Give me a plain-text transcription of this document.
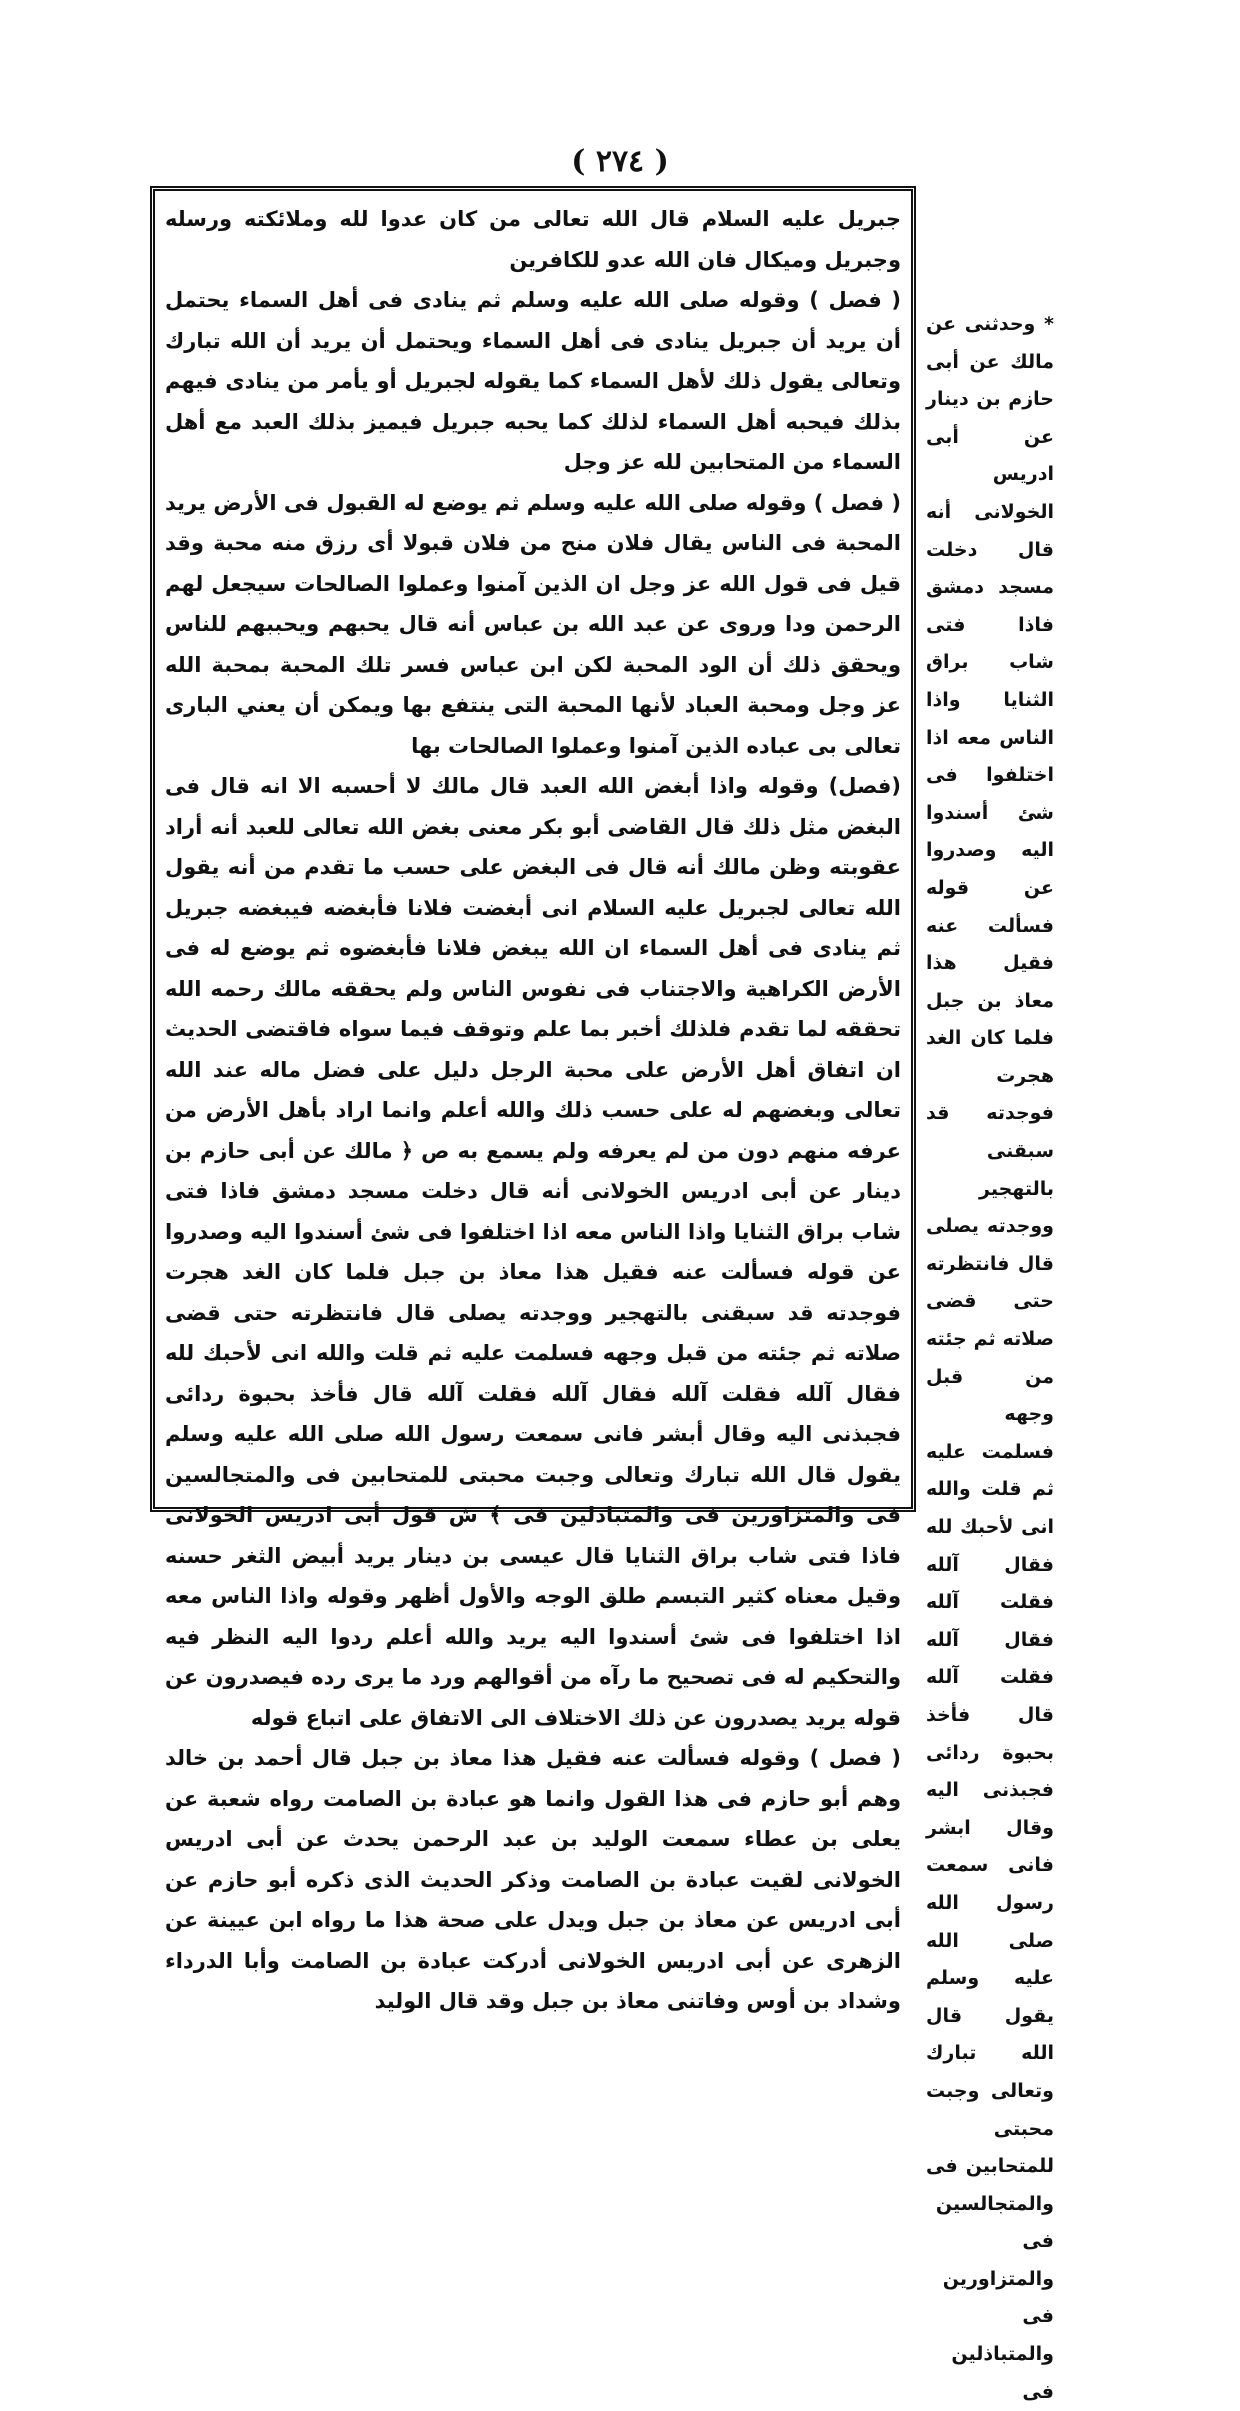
( ٢٧٤ )

جبريل عليه السلام قال الله تعالى من كان عدوا لله وملائكته ورسله وجبريل وميكال فان الله عدو للكافرين

( فصل ) وقوله صلى الله عليه وسلم ثم ينادى فى أهل السماء يحتمل أن يريد أن جبريل ينادى فى أهل السماء ويحتمل أن يريد أن الله تبارك وتعالى يقول ذلك لأهل السماء كما يقوله لجبريل أو يأمر من ينادى فيهم بذلك فيحبه أهل السماء لذلك كما يحبه جبريل فيميز بذلك العبد مع أهل السماء من المتحابين لله عز وجل

( فصل ) وقوله صلى الله عليه وسلم ثم يوضع له القبول فى الأرض يريد المحبة فى الناس يقال فلان منح من فلان قبولا أى رزق منه محبة وقد قيل فى قول الله عز وجل ان الذين آمنوا وعملوا الصالحات سيجعل لهم الرحمن ودا وروى عن عبد الله بن عباس أنه قال يحبهم ويحببهم للناس ويحقق ذلك أن الود المحبة لكن ابن عباس فسر تلك المحبة بمحبة الله عز وجل ومحبة العباد لأنها المحبة التى ينتفع بها ويمكن أن يعني البارى تعالى بى عباده الذين آمنوا وعملوا الصالحات بها

(فصل) وقوله واذا أبغض الله العبد قال مالك لا أحسبه الا انه قال فى البغض مثل ذلك قال القاضى أبو بكر معنى بغض الله تعالى للعبد أنه أراد عقوبته وظن مالك أنه قال فى البغض على حسب ما تقدم من أنه يقول الله تعالى لجبريل عليه السلام انى أبغضت فلانا فأبغضه فيبغضه جبريل ثم ينادى فى أهل السماء ان الله يبغض فلانا فأبغضوه ثم يوضع له فى الأرض الكراهية والاجتناب فى نفوس الناس ولم يحققه مالك رحمه الله تحققه لما تقدم فلذلك أخبر بما علم وتوقف فيما سواه فاقتضى الحديث ان اتفاق أهل الأرض على محبة الرجل دليل على فضل ماله عند الله تعالى وبغضهم له على حسب ذلك والله أعلم وانما اراد بأهل الأرض من عرفه منهم دون من لم يعرفه ولم يسمع به ص ﴿ مالك عن أبى حازم بن دينار عن أبى ادريس الخولانى أنه قال دخلت مسجد دمشق فاذا فتى شاب براق الثنايا واذا الناس معه اذا اختلفوا فى شئ أسندوا اليه وصدروا عن قوله فسألت عنه فقيل هذا معاذ بن جبل فلما كان الغد هجرت فوجدته قد سبقنى بالتهجير ووجدته يصلى قال فانتظرته حتى قضى صلاته ثم جئته من قبل وجهه فسلمت عليه ثم قلت والله انى لأحبك لله فقال آلله فقلت آلله فقال آلله فقلت آلله قال فأخذ بحبوة ردائى فجبذنى اليه وقال أبشر فانى سمعت رسول الله صلى الله عليه وسلم يقول قال الله تبارك وتعالى وجبت محبتى للمتحابين فى والمتجالسين فى والمتزاورين فى والمتباذلين فى ﴾ ش قول أبى ادريس الخولانى فاذا فتى شاب براق الثنايا قال عيسى بن دينار يريد أبيض الثغر حسنه وقيل معناه كثير التبسم طلق الوجه والأول أظهر وقوله واذا الناس معه اذا اختلفوا فى شئ أسندوا اليه يريد والله أعلم ردوا اليه النظر فيه والتحكيم له فى تصحيح ما رآه من أقوالهم ورد ما يرى رده فيصدرون عن قوله يريد يصدرون عن ذلك الاختلاف الى الاتفاق على اتباع قوله

( فصل ) وقوله فسألت عنه فقيل هذا معاذ بن جبل قال أحمد بن خالد وهم أبو حازم فى هذا القول وانما هو عبادة بن الصامت رواه شعبة عن يعلى بن عطاء سمعت الوليد بن عبد الرحمن يحدث عن أبى ادريس الخولانى لقيت عبادة بن الصامت وذكر الحديث الذى ذكره أبو حازم عن أبى ادريس عن معاذ بن جبل ويدل على صحة هذا ما رواه ابن عيينة عن الزهرى عن أبى ادريس الخولانى أدركت عبادة بن الصامت وأبا الدرداء وشداد بن أوس وفاتنى معاذ بن جبل وقد قال الوليد

* وحدثنى عن مالك عن أبى حازم بن دينار عن أبى ادريس الخولانى أنه قال دخلت مسجد دمشق فاذا فتى شاب براق الثنايا واذا الناس معه اذا اختلفوا فى شئ أسندوا اليه وصدروا عن قوله فسألت عنه فقيل هذا معاذ بن جبل فلما كان الغد هجرت فوجدته قد سبقنى بالتهجير ووجدته يصلى قال فانتظرته حتى قضى صلاته ثم جئته من قبل وجهه فسلمت عليه ثم قلت والله انى لأحبك لله فقال آلله فقلت آلله فقال آلله فقلت آلله قال فأخذ بحبوة ردائى فجبذنى اليه وقال ابشر فانى سمعت رسول الله صلى الله عليه وسلم يقول قال الله تبارك وتعالى وجبت محبتى للمتحابين فى والمتجالسين فى والمتزاورين فى والمتباذلين فى
